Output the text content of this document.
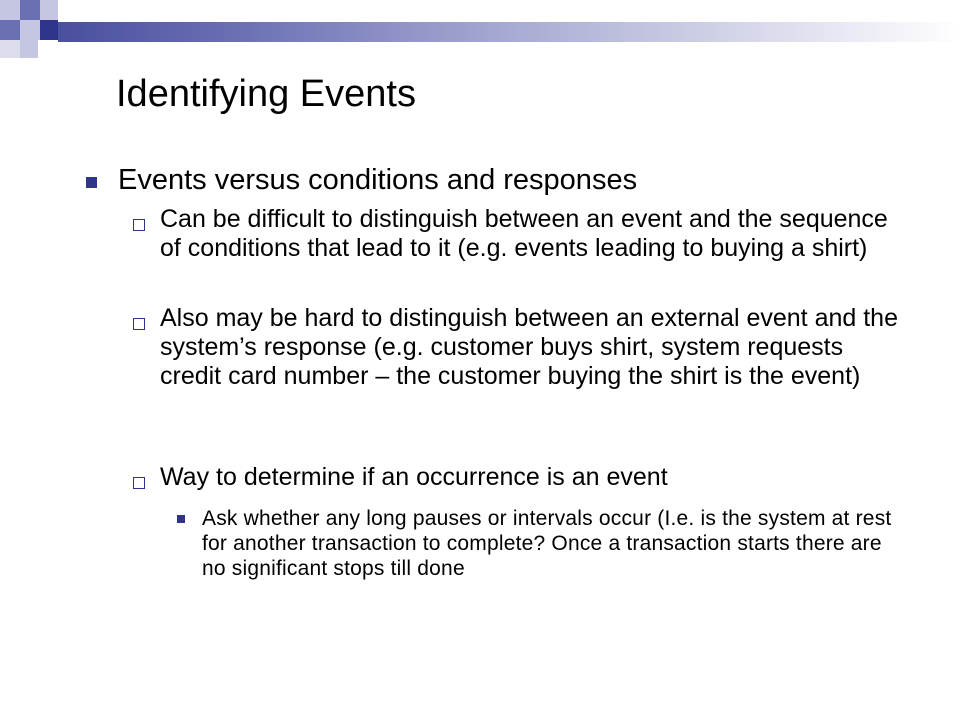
Identifying Events
Events versus conditions and responses
Can be difficult to distinguish between an event and the sequence of conditions that lead to it (e.g. events leading to buying a shirt)
Also may be hard to distinguish between an external event and the system’s response (e.g. customer buys shirt, system requests credit card number – the customer buying the shirt is the event)
Way to determine if an occurrence is an event
Ask whether any long pauses or intervals occur (I.e. is the system at rest for another transaction to complete? Once a transaction starts there are no significant stops till done
